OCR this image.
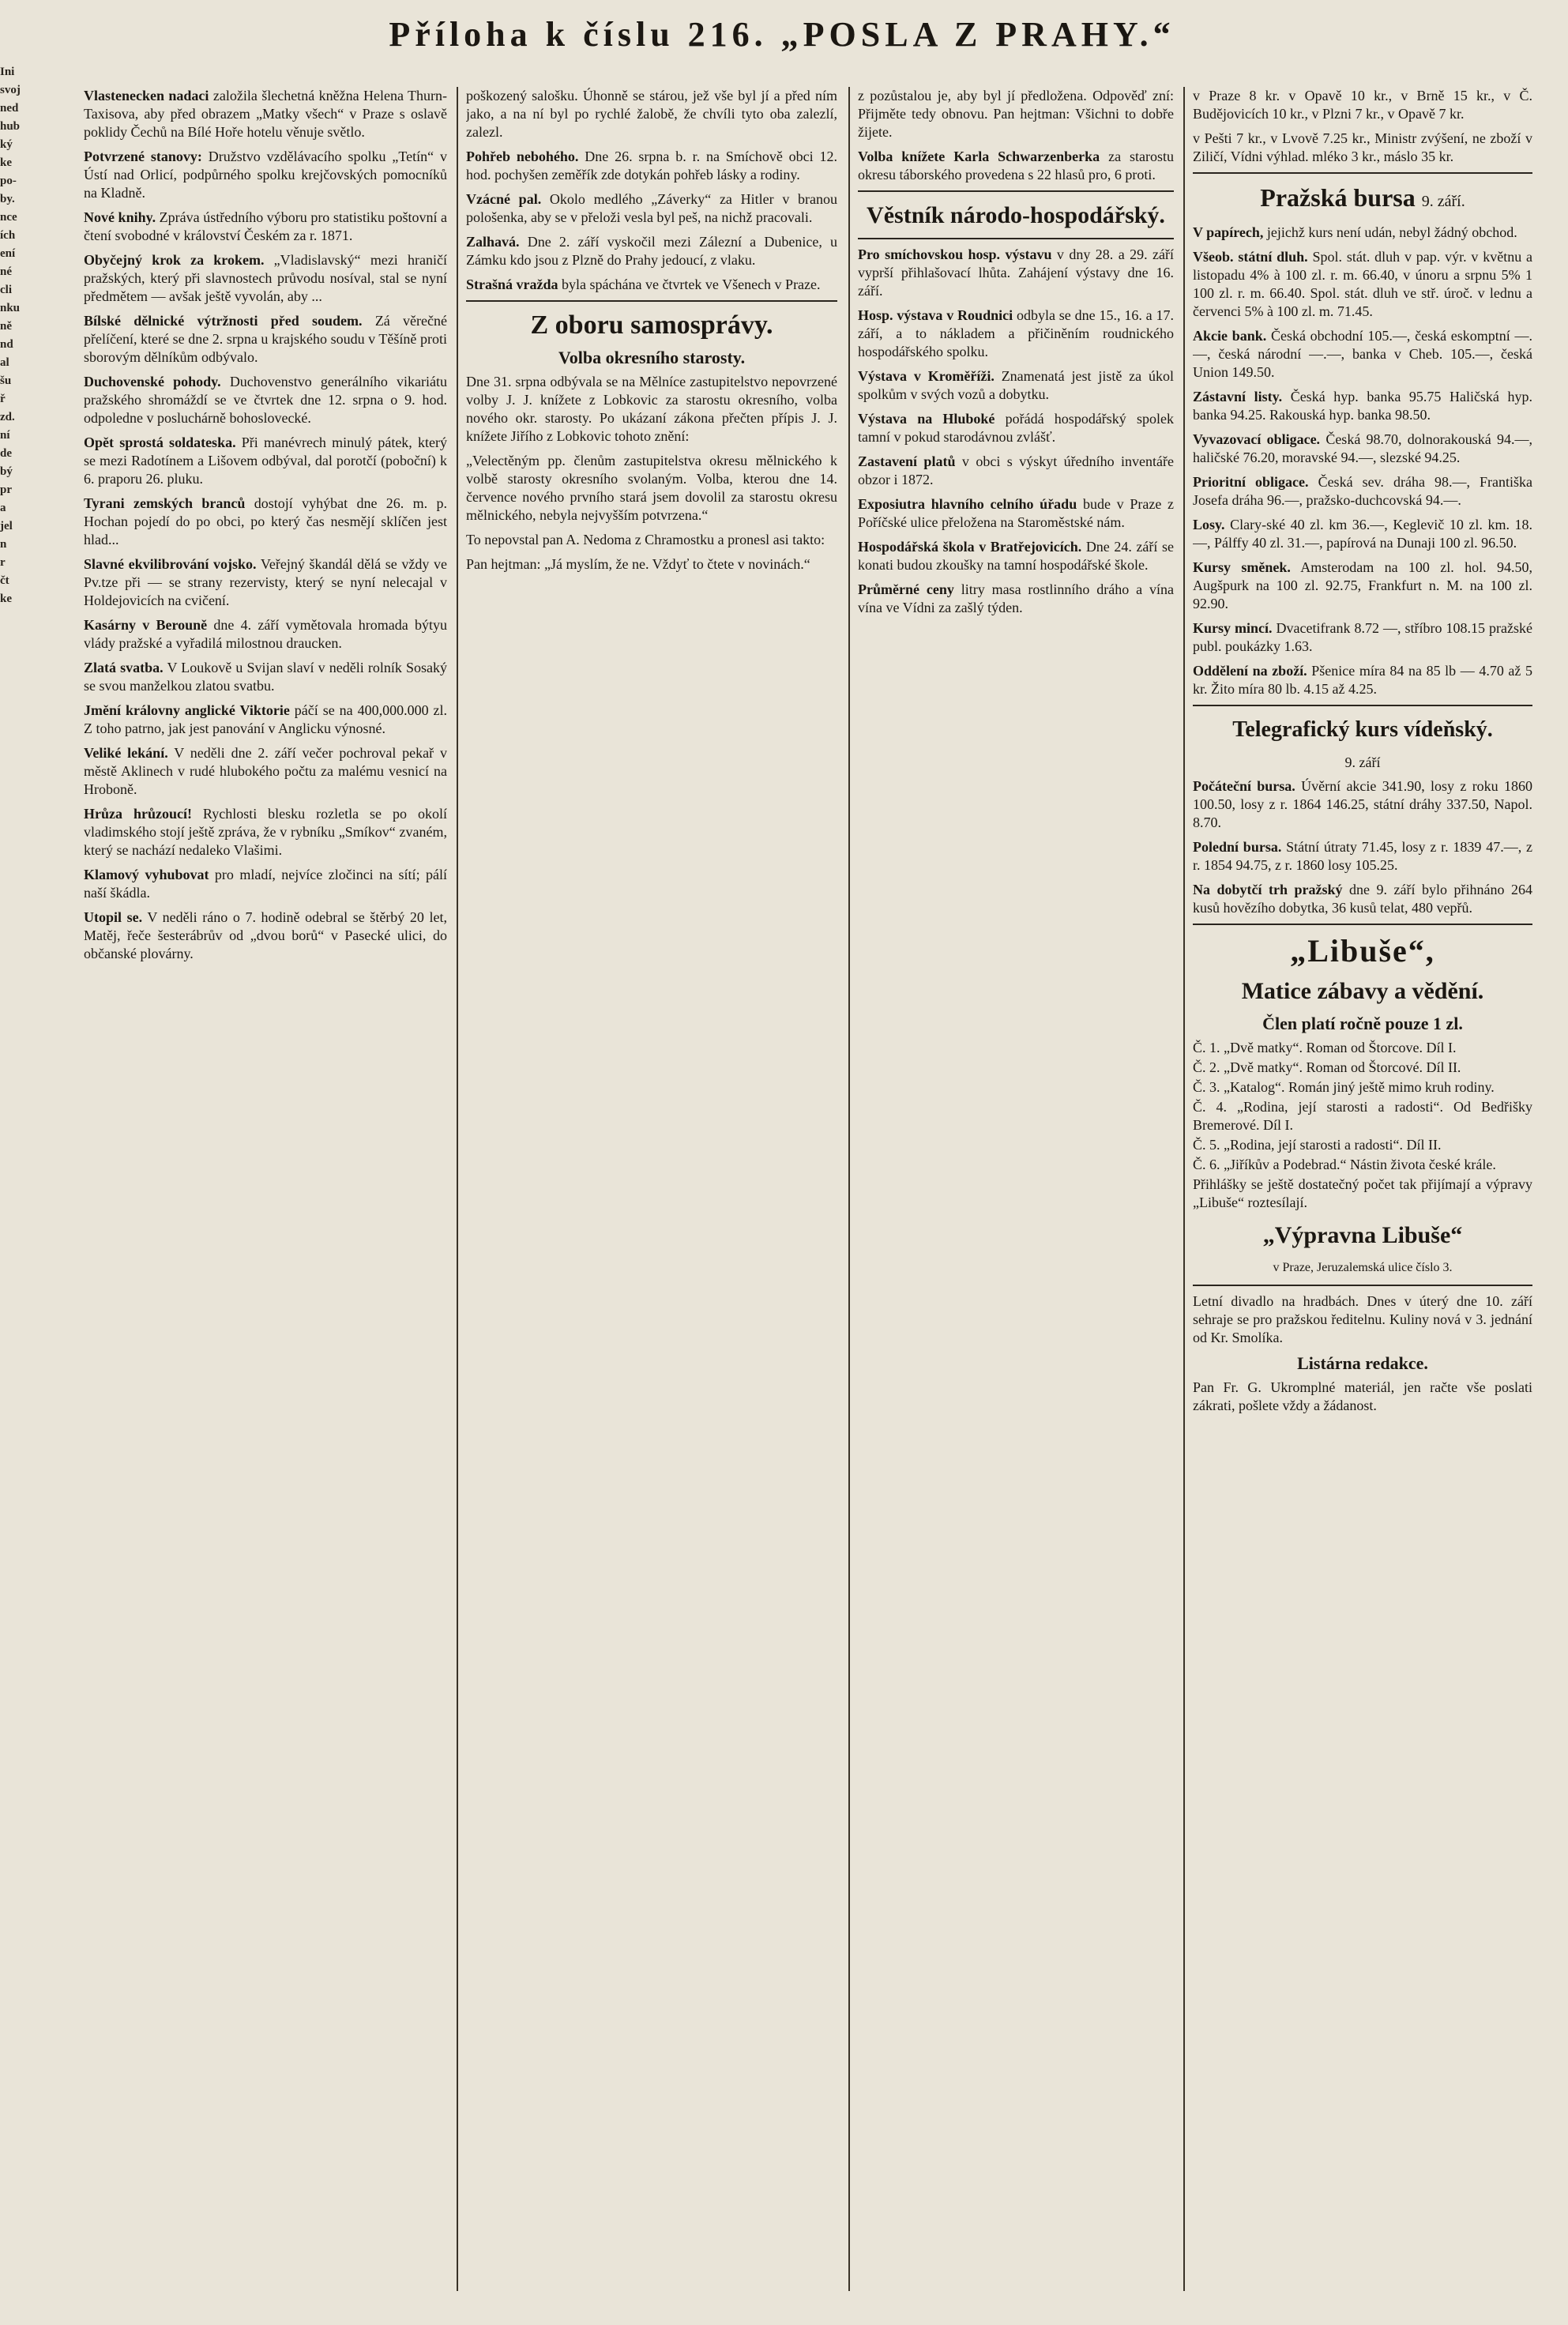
Ini
svoj
ned
hub
ký
ke
po-
by.
nce
ích
ení
né
cli
nku
ně
nd
al
šu
ř
zd.
ní
de
bý
pr
a
jel
n
r
čt
ke
Příloha k číslu 216. „POSLA Z PRAHY.“

Vlastenecken nadaci založila šlechetná kněžna Helena Thurn-Taxisova, aby před obrazem „Matky všech“ v Praze s oslavě poklidy Čechů na Bílé Hoře hotelu věnuje světlo.

Potvrzené stanovy: Družstvo vzdělávacího spolku „Tetín“ v Ústí nad Orlicí, podpůrného spolku krejčovských pomocníků na Kladně.

Nové knihy. Zpráva ústředního výboru pro statistiku poštovní a čtení svobodné v království Českém za r. 1871.

Obyčejný krok za krokem. „Vladislavský“ mezi hraničí pražských, který při slavnostech průvodu nosíval, stal se nyní předmětem — avšak ještě vyvolán, aby ...

Bílské dělnické výtržnosti před soudem. Zá věrečné přelíčení, které se dne 2. srpna u krajského soudu v Těšíně proti sborovým dělníkům odbývalo.

Duchovenské pohody. Duchovenstvo generálního vikariátu pražského shromáždí se ve čtvrtek dne 12. srpna o 9. hod. odpoledne v posluchárně bohoslovecké.

Opět sprostá soldateska. Při manévrech minulý pátek, který se mezi Radotínem a Lišovem odbýval, dal porotčí (poboční) k 6. praporu 26. pluku.

Tyrani zemských branců dostojí vyhýbat dne 26. m. p. Hochan pojedí do po obci, po který čas nesmějí sklíčen jest hlad...

Slavné ekvilibrování vojsko. Veřejný škandál dělá se vždy ve Pv.tze při — se strany rezervisty, který se nyní nelecajal v Holdejovicích na cvičení.

Kasárny v Berouně dne 4. září vymětovala hromada býtyu vlády pražské a vyřadilá milostnou draucken.

Zlatá svatba. V Loukově u Svijan slaví v neděli rolník Sosaký se svou manželkou zlatou svatbu.

Jmění královny anglické Viktorie páčí se na 400,000.000 zl. Z toho patrno, jak jest panování v Anglicku výnosné.

Veliké lekání. V neděli dne 2. září večer pochroval pekař v městě Aklinech v rudé hlubokého počtu za malému vesnicí na Hroboně.

Hrůza hrůzoucí! Rychlosti blesku rozletla se po okolí vladimského stojí ještě zpráva, že v rybníku „Smíkov“ zvaném, který se nachází nedaleko Vlašimi.

Klamový vyhubovat pro mladí, nejvíce zločinci na sítí; pálí naší škádla.

Utopil se. V neděli ráno o 7. hodině odebral se štěrbý 20 let, Matěj, řeče šesterábrův od „dvou borů“ v Pasecké ulici, do občanské plovárny.

poškozený salošku. Úhonně se stárou, jež vše byl jí a před ním jako, a na ní byl po rychlé žalobě, že chvíli tyto oba zalezlí, zalezl.

Pohřeb nebohého. Dne 26. srpna b. r. na Smíchově obci 12. hod. pochyšen zeměřík zde dotykán pohřeb lásky a rodiny.

Vzácné pal. Okolo medlého „Záverky“ za Hitler v branou pološenka, aby se v přeloži vesla byl peš, na nichž pracovali.

Zalhavá. Dne 2. září vyskočil mezi Zálezní a Dubenice, u Zámku kdo jsou z Plzně do Prahy jedoucí, z vlaku.

Strašná vražda byla spáchána ve čtvrtek ve Všenech v Praze.

Z oboru samosprávy.
Volba okresního starosty.

Dne 31. srpna odbývala se na Mělníce zastupitelstvo nepovrzené volby J. J. knížete z Lobkovic za starostu okresního, volba nového okr. starosty. Po ukázaní zákona přečten přípis J. J. knížete Jiřího z Lobkovic tohoto znění:

„Velectěným pp. členům zastupitelstva okresu mělnického k volbě starosty okresního svolaným. Volba, kterou dne 14. července nového prvního stará jsem dovolil za starostu okresu mělnického, nebyla nejvyšším potvrzena.“

To nepovstal pan A. Nedoma z Chramostku a pronesl asi takto:

Pan hejtman: „Já myslím, že ne. Vždyť to čtete v novinách.“

z pozůstalou je, aby byl jí předložena. Odpověď zní: Přijměte tedy obnovu. Pan hejtman: Všichni to dobře žijete.

Volba knížete Karla Schwarzenberka za starostu okresu táborského provedena s 22 hlasů pro, 6 proti.

Věstník národo-hospodářský.

Pro smíchovskou hosp. výstavu v dny 28. a 29. září vyprší přihlašovací lhůta. Zahájení výstavy dne 16. září.

Hosp. výstava v Roudnici odbyla se dne 15., 16. a 17. září, a to nákladem a přičiněním roudnického hospodářského spolku.

Výstava v Kroměříži. Znamenatá jest jistě za úkol spolkům v svých vozů a dobytku.

Výstava na Hluboké pořádá hospodářský spolek tamní v pokud starodávnou zvlášť.

Zastavení platů v obci s výskyt úředního inventáře obzor i 1872.

Exposiutra hlavního celního úřadu bude v Praze z Poříčské ulice přeložena na Staroměstské nám.

Hospodářská škola v Bratřejovicích. Dne 24. září se konati budou zkoušky na tamní hospodářské škole.

Průměrné ceny litry masa rostlinního dráho a vína vína ve Vídni za zašlý týden.

v Praze 8 kr. v Opavě 10 kr., v Brně 15 kr., v Č. Budějovicích 10 kr., v Plzni 7 kr., v Opavě 7 kr.

v Pešti 7 kr., v Lvově 7.25 kr., Ministr zvýšení, ne zboží v Ziličí, Vídni výhlad. mléko 3 kr., máslo 35 kr.

Pražská bursa 9. září.

V papírech, jejichž kurs není udán, nebyl žádný obchod.

Všeob. státní dluh. Spol. stát. dluh v pap. výr. v květnu a listopadu 4% à 100 zl. r. m. 66.40, v únoru a srpnu 5% 1 100 zl. r. m. 66.40. Spol. stát. dluh ve stř. úroč. v lednu a červenci 5% à 100 zl. m. 71.45.

Akcie bank. Česká obchodní 105.—, česká eskomptní —.—, česká národní —.—, banka v Cheb. 105.—, česká Union 149.50.

Zástavní listy. Česká hyp. banka 95.75 Haličská hyp. banka 94.25. Rakouská hyp. banka 98.50.

Vyvazovací obligace. Česká 98.70, dolnorakouská 94.—, haličské 76.20, moravské 94.—, slezské 94.25.

Prioritní obligace. Česká sev. dráha 98.—, Františka Josefa dráha 96.—, pražsko-duchcovská 94.—.

Losy. Clary-ské 40 zl. km 36.—, Keglevič 10 zl. km. 18.—, Pálffy 40 zl. 31.—, papírová na Dunaji 100 zl. 96.50.

Kursy směnek. Amsterodam na 100 zl. hol. 94.50, Augšpurk na 100 zl. 92.75, Frankfurt n. M. na 100 zl. 92.90.

Kursy mincí. Dvacetifrank 8.72 —, stříbro 108.15 pražské publ. poukázky 1.63.

Oddělení na zboží. Pšenice míra 84 na 85 lb — 4.70 až 5 kr. Žito míra 80 lb. 4.15 až 4.25.

Telegrafický kurs vídeňský.
9. září

Počáteční bursa. Úvěrní akcie 341.90, losy z roku 1860 100.50, losy z r. 1864 146.25, státní dráhy 337.50, Napol. 8.70.

Polední bursa. Státní útraty 71.45, losy z r. 1839 47.—, z r. 1854 94.75, z r. 1860 losy 105.25.

Na dobytčí trh pražský dne 9. září bylo přihnáno 264 kusů hovězího dobytka, 36 kusů telat, 480 vepřů.

„Libuše“,
Matice zábavy a vědění.
Člen platí ročně pouze 1 zl.

Č. 1. „Dvě matky“. Roman od Štorcove. Díl I.

Č. 2. „Dvě matky“. Roman od Štorcové. Díl II.

Č. 3. „Katalog“. Román jiný ještě mimo kruh rodiny.

Č. 4. „Rodina, její starosti a radosti“. Od Bedřišky Bremerové. Díl I.

Č. 5. „Rodina, její starosti a radosti“. Díl II.

Č. 6. „Jiříkův a Podebrad.“ Nástin života české krále.

Přihlášky se ještě dostatečný počet tak přijímají a výpravy „Libuše“ roztesílají.

„Výpravna Libuše“
v Praze, Jeruzalemská ulice číslo 3.

Letní divadlo na hradbách. Dnes v úterý dne 10. září sehraje se pro pražskou ředitelnu. Kuliny nová v 3. jednání od Kr. Smolíka.

Listárna redakce.

Pan Fr. G. Ukromplné materiál, jen račte vše poslati zákrati, pošlete vždy a žádanost.
